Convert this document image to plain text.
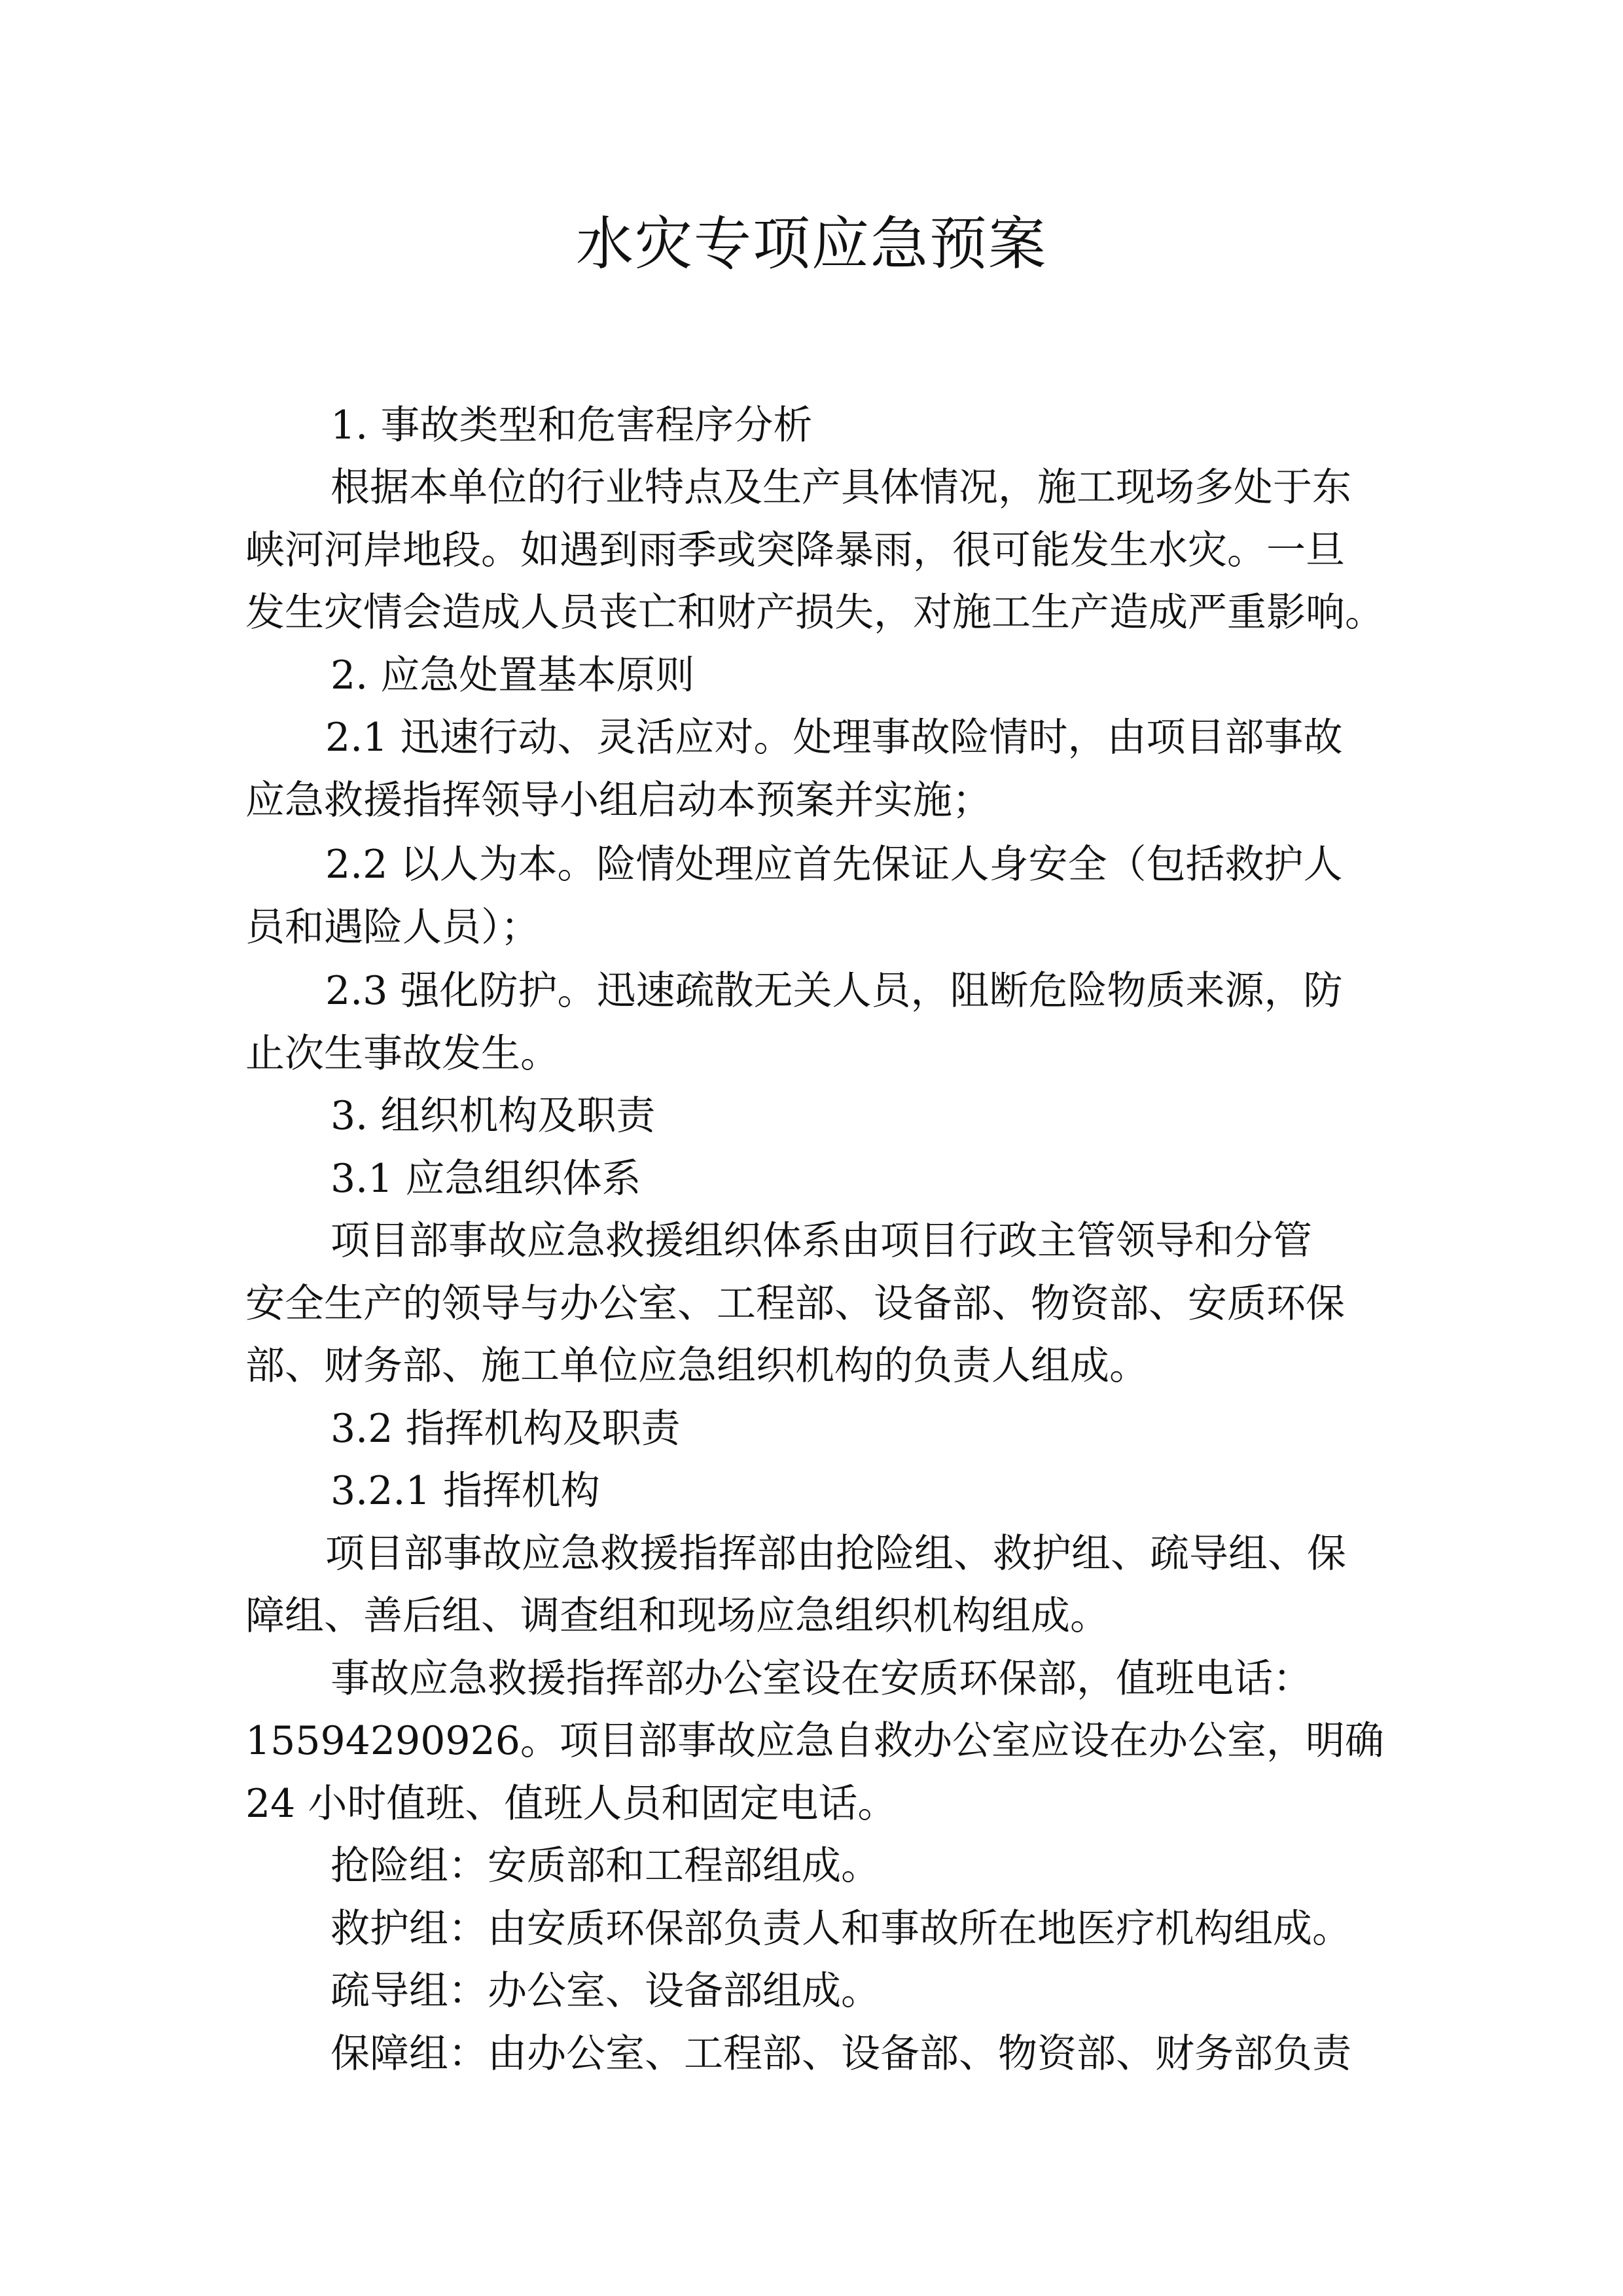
水灾专项应急预案

1. 事故类型和危害程序分析

根据本单位的行业特点及生产具体情况，施工现场多处于东

峡河河岸地段。如遇到雨季或突降暴雨，很可能发生水灾。一旦

发生灾情会造成人员丧亡和财产损失，对施工生产造成严重影响。

2. 应急处置基本原则

2.1 迅速行动、灵活应对。处理事故险情时，由项目部事故

应急救援指挥领导小组启动本预案并实施；

2.2 以人为本。险情处理应首先保证人身安全（包括救护人

员和遇险人员）；

2.3 强化防护。迅速疏散无关人员，阻断危险物质来源，防

止次生事故发生。

3. 组织机构及职责

3.1 应急组织体系

项目部事故应急救援组织体系由项目行政主管领导和分管

安全生产的领导与办公室、工程部、设备部、物资部、安质环保

部、财务部、施工单位应急组织机构的负责人组成。

3.2 指挥机构及职责

3.2.1 指挥机构

项目部事故应急救援指挥部由抢险组、救护组、疏导组、保

障组、善后组、调查组和现场应急组织机构组成。

事故应急救援指挥部办公室设在安质环保部，值班电话：

15594290926。项目部事故应急自救办公室应设在办公室，明确

24 小时值班、值班人员和固定电话。

抢险组：安质部和工程部组成。

救护组：由安质环保部负责人和事故所在地医疗机构组成。

疏导组：办公室、设备部组成。

保障组：由办公室、工程部、设备部、物资部、财务部负责
